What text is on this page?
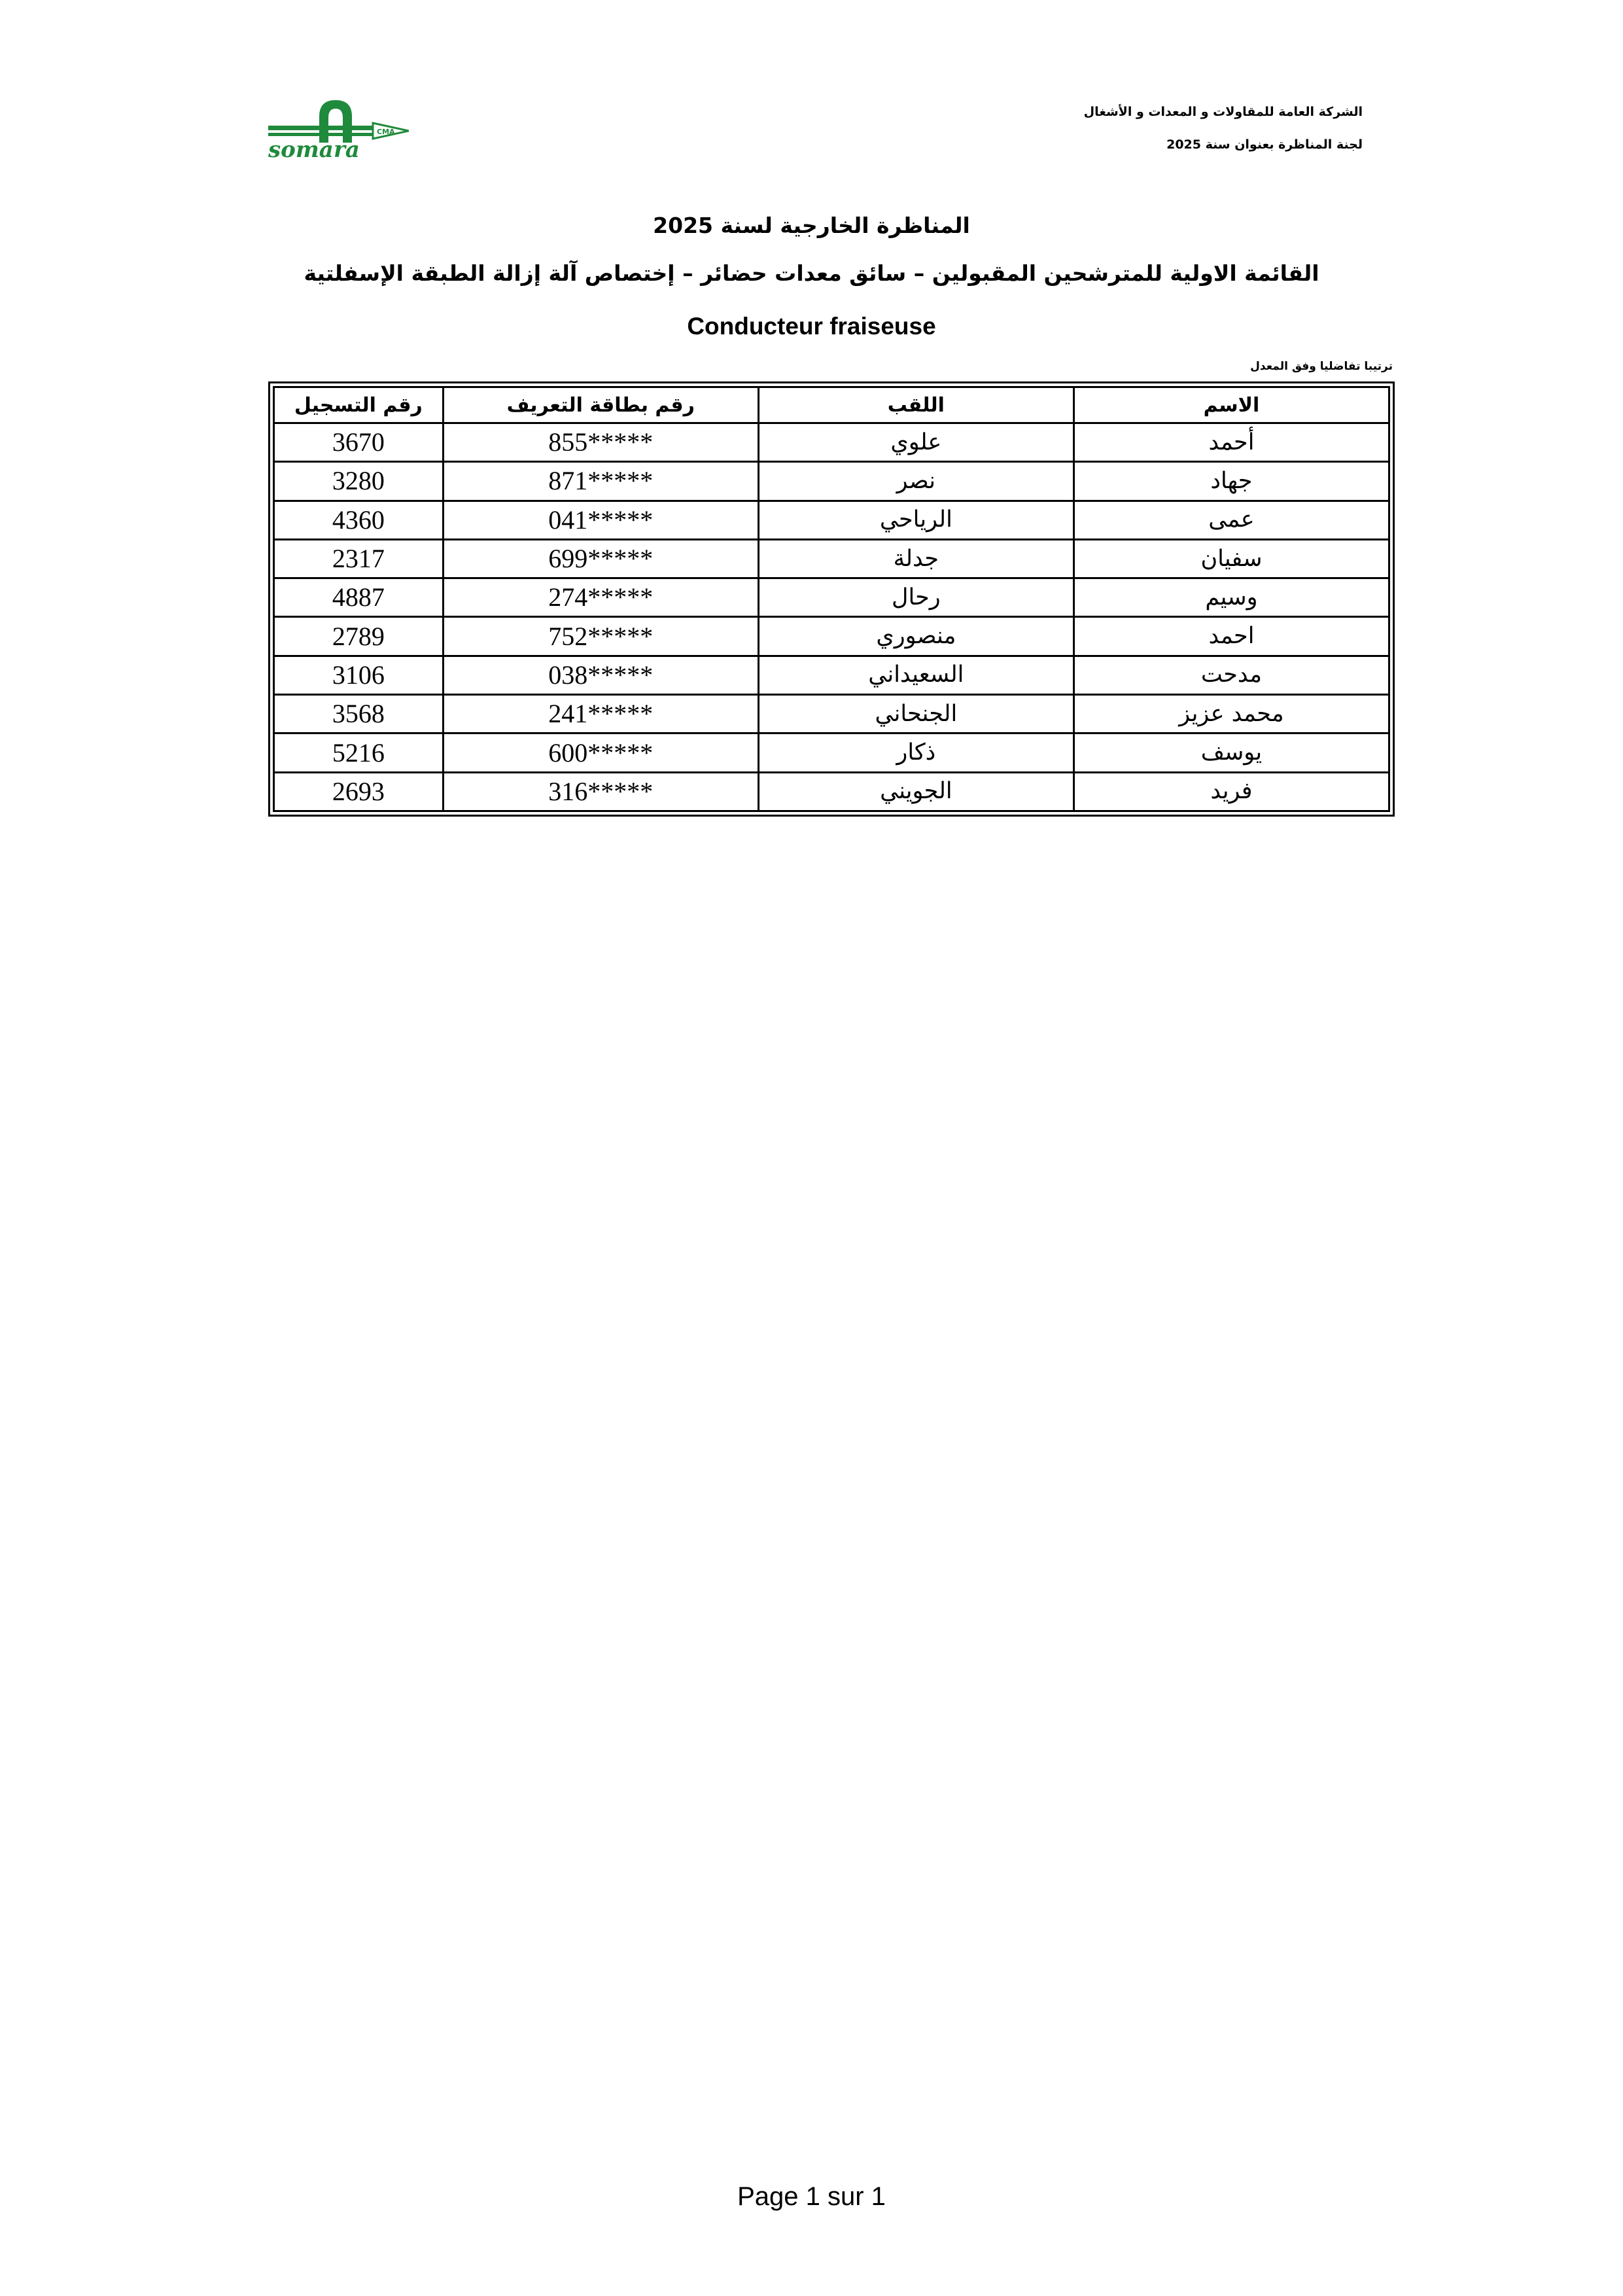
CMA
soma ra
الشركة العامة للمقاولات و المعدات و الأشغال
لجنة المناظرة بعنوان سنة 2025
المناظرة الخارجية لسنة 2025
القائمة الاولية للمترشحين المقبولين – سائق معدات حضائر – إختصاص آلة إزالة الطبقة الإسفلتية
Conducteur fraiseuse
ترتيبا تفاضليا وفق المعدل
الاسم	اللقب	رقم بطاقة التعريف	رقم التسجيل
أحمد	علوي	*****855	3670
جهاد	نصر	*****871	3280
عمى	الرياحي	*****041	4360
سفيان	جدلة	*****699	2317
وسيم	رحال	*****274	4887
احمد	منصوري	*****752	2789
مدحت	السعيداني	*****038	3106
محمد عزيز	الجنحاني	*****241	3568
يوسف	ذكار	*****600	5216
فريد	الجويني	*****316	2693
Page 1 sur 1
